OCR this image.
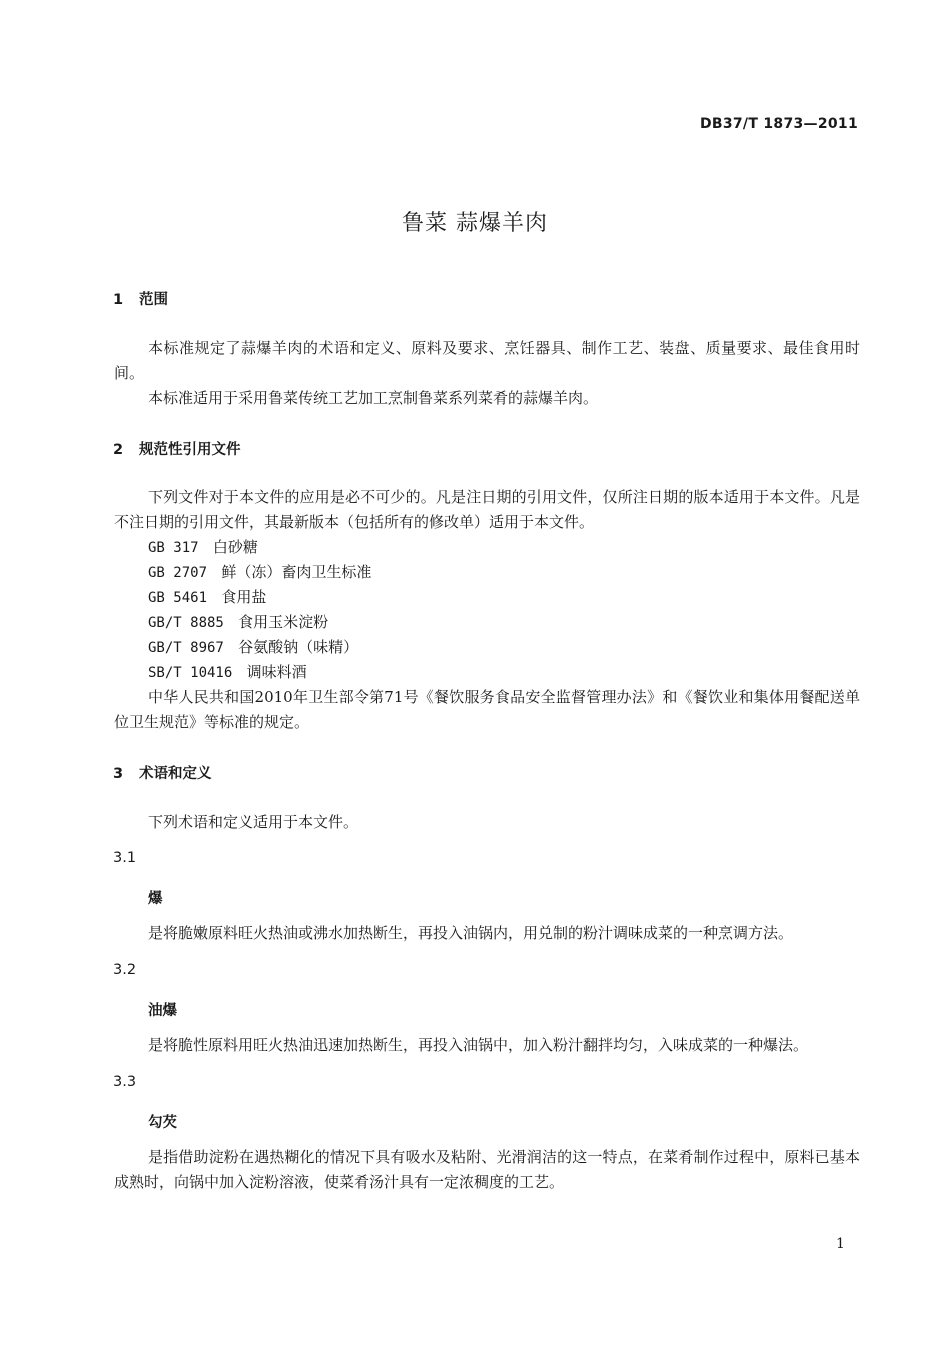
DB37/T 1873—2011
鲁菜 蒜爆羊肉
1 范围
本标准规定了蒜爆羊肉的术语和定义、原料及要求、烹饪器具、制作工艺、装盘、质量要求、最佳食用时间。
本标准适用于采用鲁菜传统工艺加工烹制鲁菜系列菜肴的蒜爆羊肉。
2 规范性引用文件
下列文件对于本文件的应用是必不可少的。凡是注日期的引用文件，仅所注日期的版本适用于本文件。凡是不注日期的引用文件，其最新版本（包括所有的修改单）适用于本文件。
GB 317 白砂糖
GB 2707 鲜（冻）畜肉卫生标准
GB 5461 食用盐
GB/T 8885 食用玉米淀粉
GB/T 8967 谷氨酸钠（味精）
SB/T 10416 调味料酒
中华人民共和国2010年卫生部令第71号《餐饮服务食品安全监督管理办法》和《餐饮业和集体用餐配送单位卫生规范》等标准的规定。
3 术语和定义
下列术语和定义适用于本文件。
3.1
爆
是将脆嫩原料旺火热油或沸水加热断生，再投入油锅内，用兑制的粉汁调味成菜的一种烹调方法。
3.2
油爆
是将脆性原料用旺火热油迅速加热断生，再投入油锅中，加入粉汁翻拌均匀，入味成菜的一种爆法。
3.3
勾芡
是指借助淀粉在遇热糊化的情况下具有吸水及粘附、光滑润洁的这一特点，在菜肴制作过程中，原料已基本成熟时，向锅中加入淀粉溶液，使菜肴汤汁具有一定浓稠度的工艺。
1
